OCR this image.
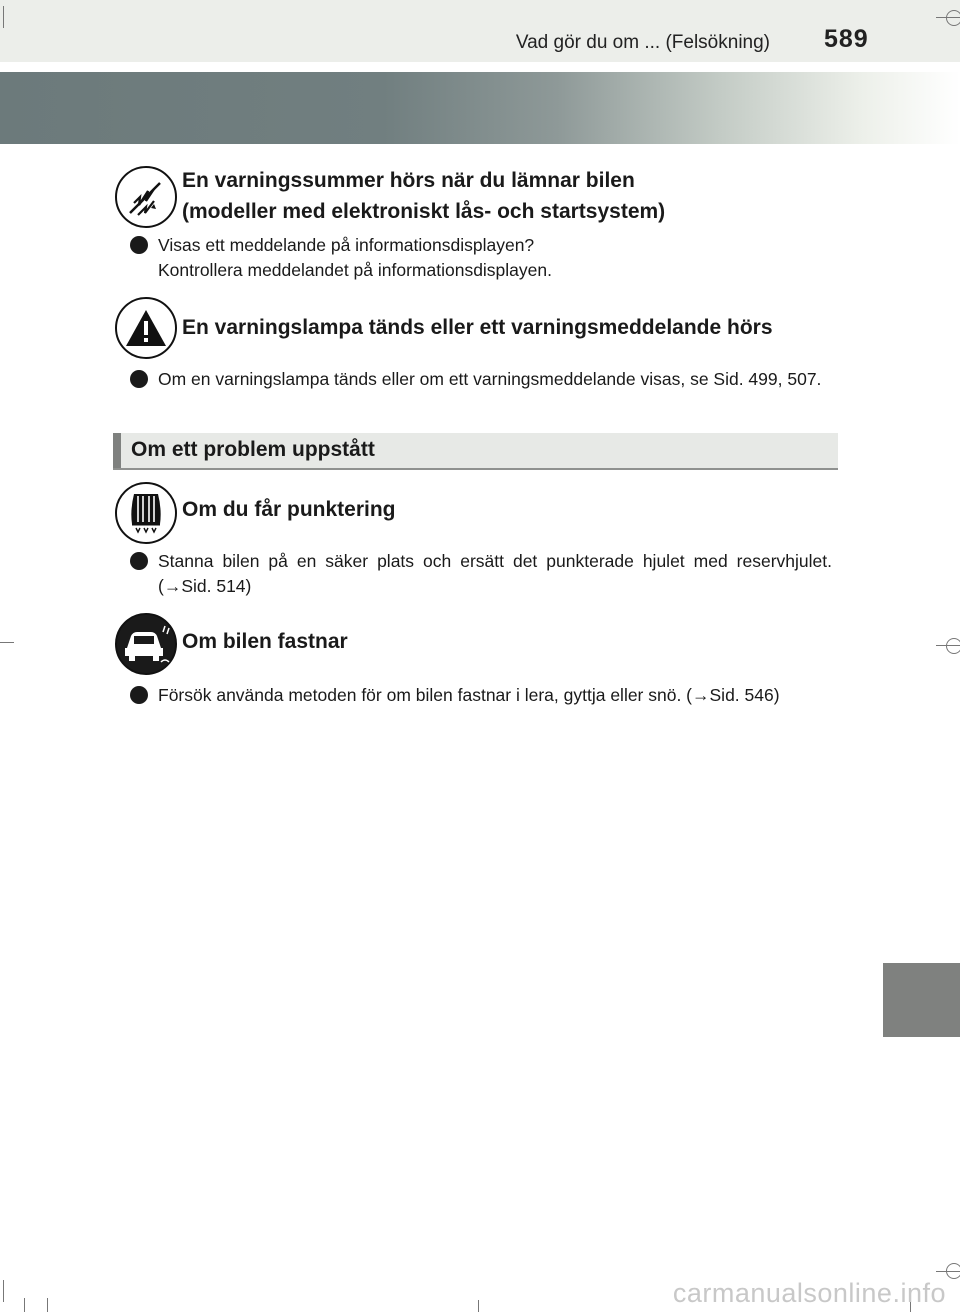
Vad gör du om ... (Felsökning) 589
En varningssummer hörs när du lämnar bilen
(modeller med elektroniskt lås- och startsystem)
Visas ett meddelande på informationsdisplayen?
Kontrollera meddelandet på informationsdisplayen.
En varningslampa tänds eller ett varningsmeddelande hörs
Om en varningslampa tänds eller om ett varningsmeddelande visas, se Sid. 499, 507.
Om ett problem uppstått
Om du får punktering
Stanna bilen på en säker plats och ersätt det punkterade hjulet med reservhjulet. (→Sid. 514)
Om bilen fastnar
Försök använda metoden för om bilen fastnar i lera, gyttja eller snö. (→Sid. 546)
carmanualsonline.info
